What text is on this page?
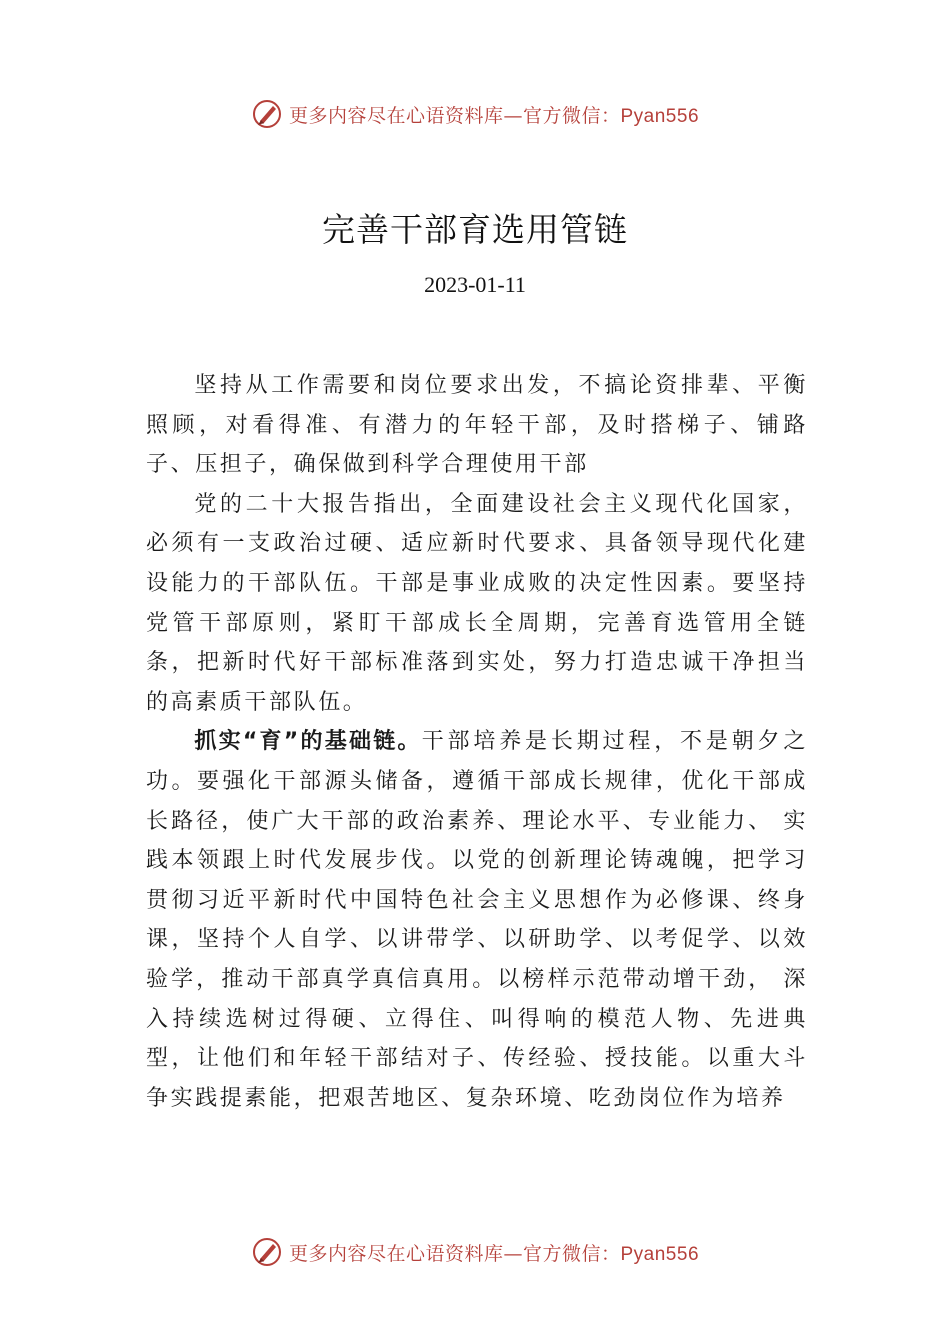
更多内容尽在心语资料库—官方微信：Pyan556
完善干部育选用管链
2023-01-11

坚持从工作需要和岗位要求出发，不搞论资排辈、平衡照顾，对看得准、有潜力的年轻干部，及时搭梯子、铺路子、压担子，确保做到科学合理使用干部

党的二十大报告指出，全面建设社会主义现代化国家，必须有一支政治过硬、适应新时代要求、具备领导现代化建设能力的干部队伍。干部是事业成败的决定性因素。要坚持党管干部原则，紧盯干部成长全周期，完善育选管用全链条，把新时代好干部标准落到实处，努力打造忠诚干净担当的高素质干部队伍。

抓实“育”的基础链。干部培养是长期过程，不是朝夕之功。要强化干部源头储备，遵循干部成长规律，优化干部成长路径，使广大干部的政治素养、理论水平、专业能力、 实践本领跟上时代发展步伐。以党的创新理论铸魂魄，把学习贯彻习近平新时代中国特色社会主义思想作为必修课、终身课，坚持个人自学、以讲带学、以研助学、以考促学、以效验学，推动干部真学真信真用。以榜样示范带动增干劲， 深入持续选树过得硬、立得住、叫得响的模范人物、先进典型，让他们和年轻干部结对子、传经验、授技能。以重大斗争实践提素能，把艰苦地区、复杂环境、吃劲岗位作为培养

更多内容尽在心语资料库—官方微信：Pyan556
